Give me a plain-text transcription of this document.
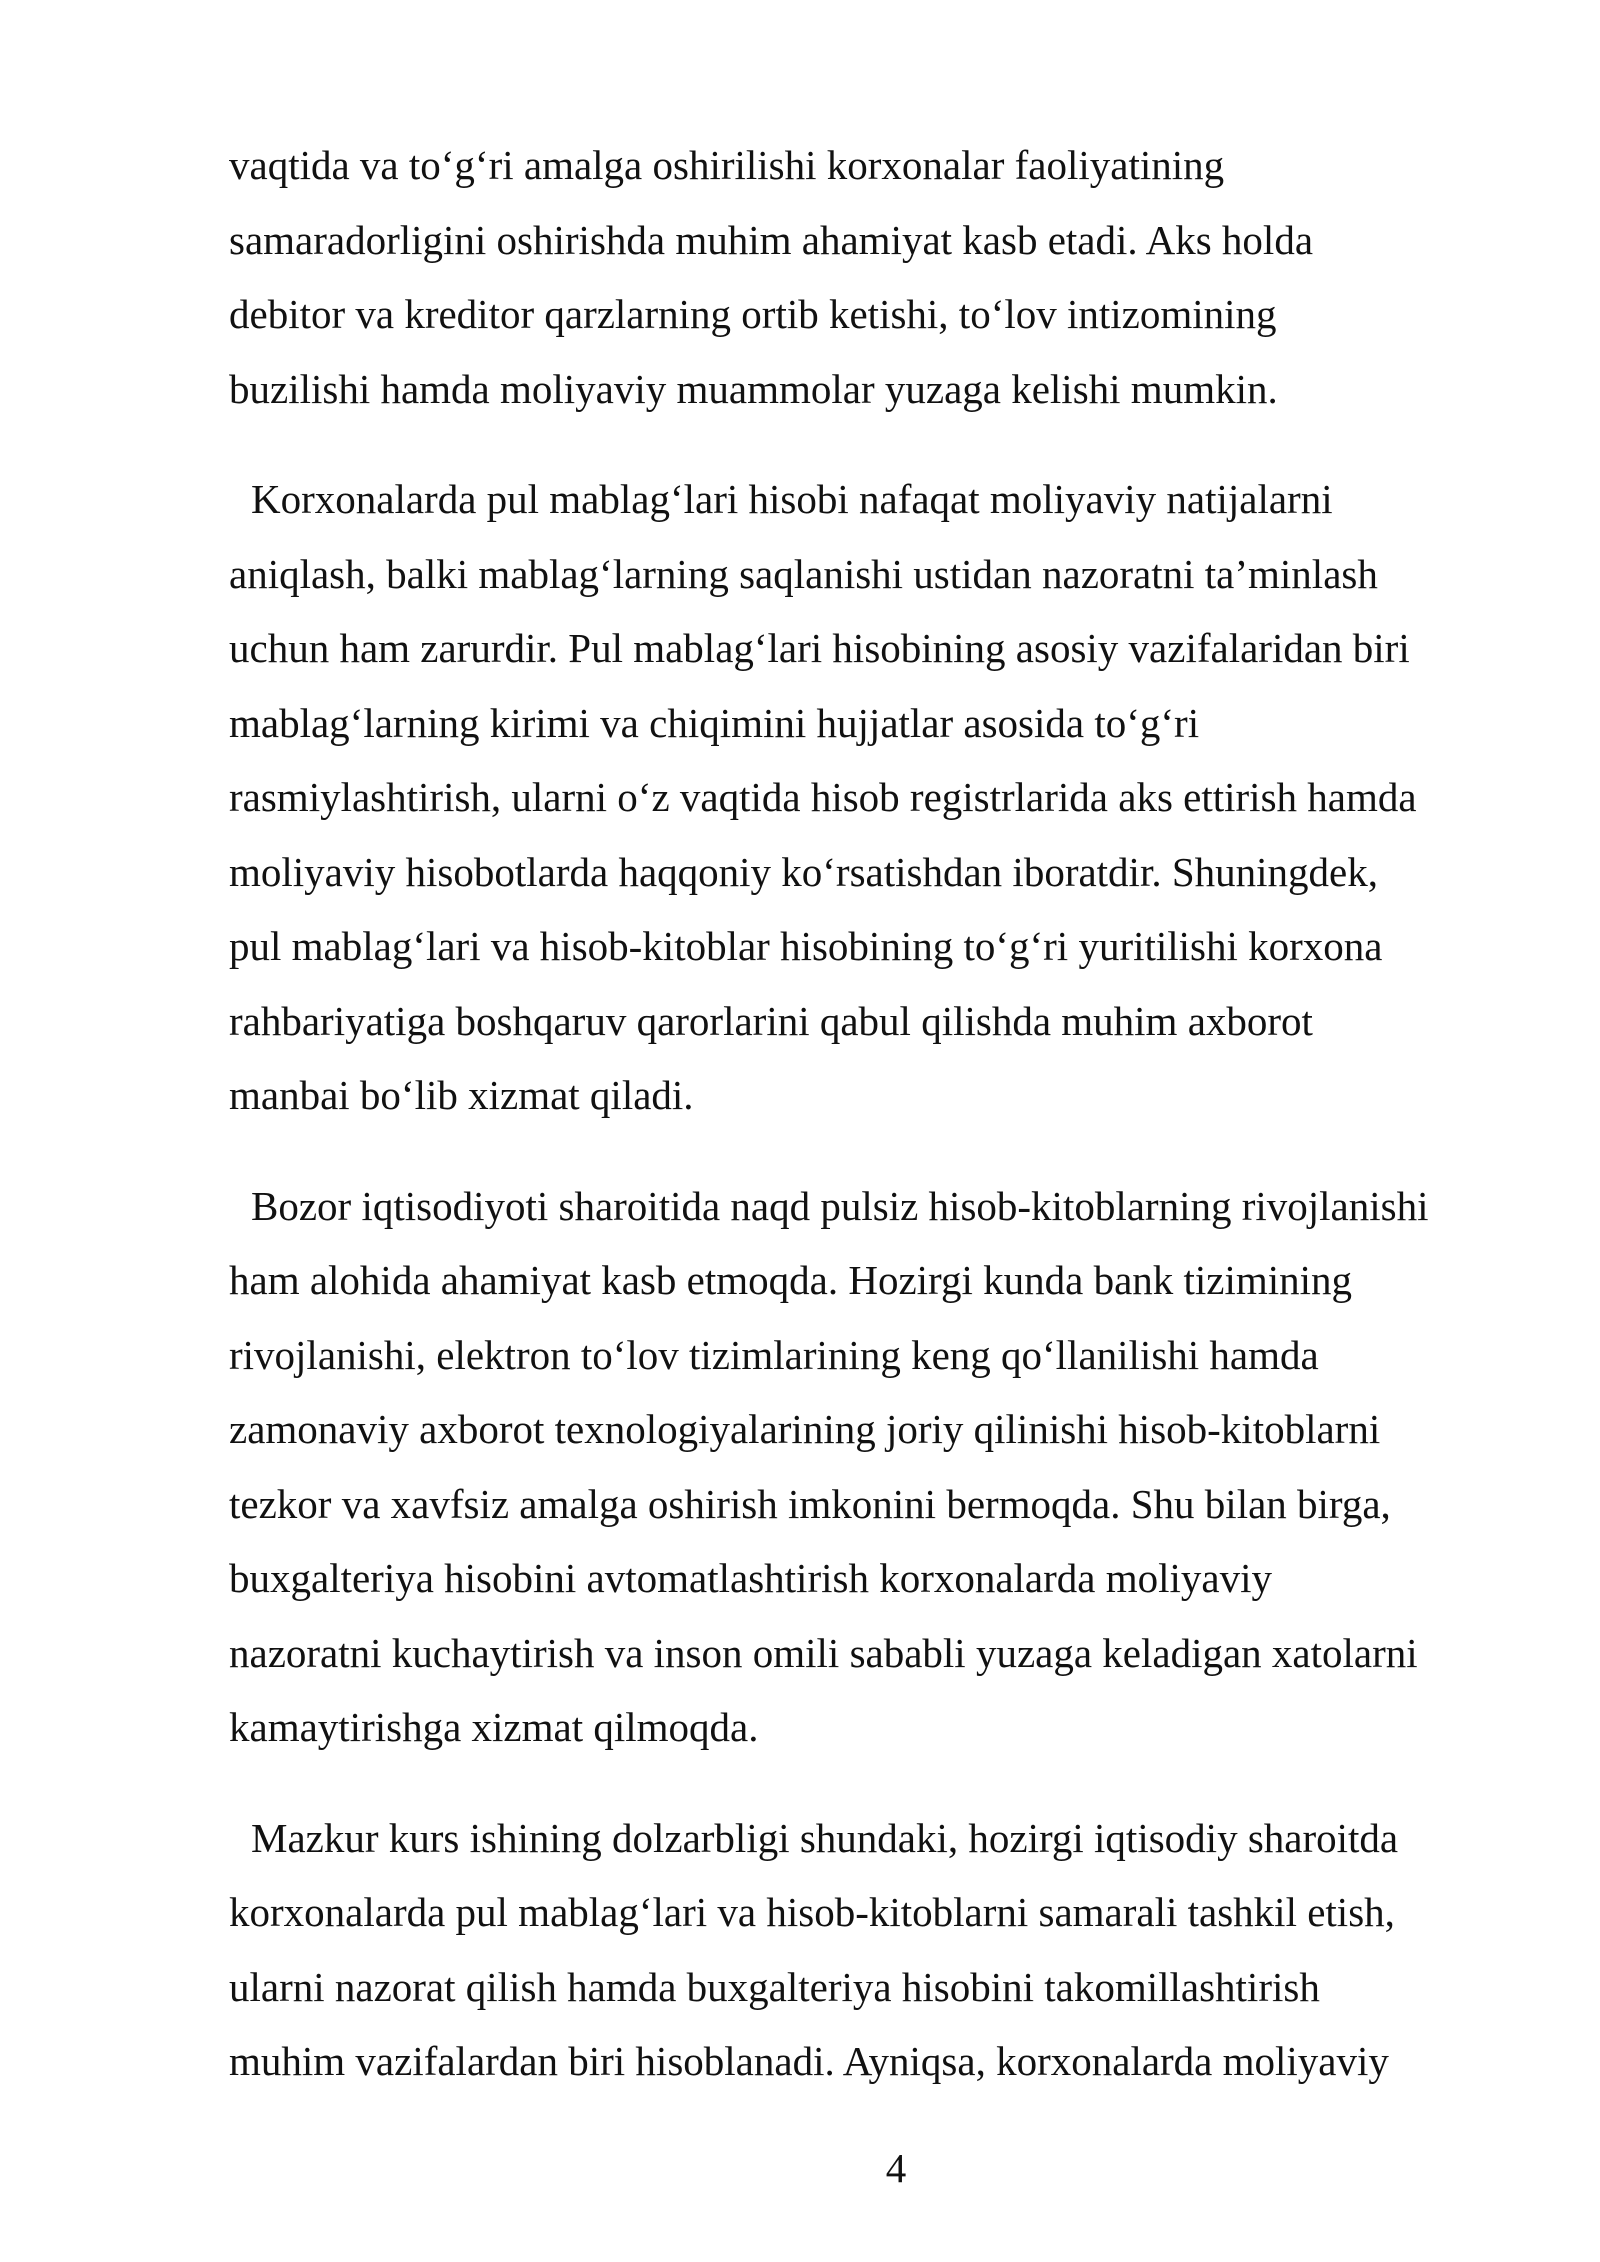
vaqtida va to‘g‘ri amalga oshirilishi korxonalar faoliyatining
samaradorligini oshirishda muhim ahamiyat kasb etadi. Aks holda
debitor va kreditor qarzlarning ortib ketishi, to‘lov intizomining
buzilishi hamda moliyaviy muammolar yuzaga kelishi mumkin.

Korxonalarda pul mablag‘lari hisobi nafaqat moliyaviy natijalarni
aniqlash, balki mablag‘larning saqlanishi ustidan nazoratni ta’minlash
uchun ham zarurdir. Pul mablag‘lari hisobining asosiy vazifalaridan biri
mablag‘larning kirimi va chiqimini hujjatlar asosida to‘g‘ri
rasmiylashtirish, ularni o‘z vaqtida hisob registrlarida aks ettirish hamda
moliyaviy hisobotlarda haqqoniy ko‘rsatishdan iboratdir. Shuningdek,
pul mablag‘lari va hisob-kitoblar hisobining to‘g‘ri yuritilishi korxona
rahbariyatiga boshqaruv qarorlarini qabul qilishda muhim axborot
manbai bo‘lib xizmat qiladi.

Bozor iqtisodiyoti sharoitida naqd pulsiz hisob-kitoblarning rivojlanishi
ham alohida ahamiyat kasb etmoqda. Hozirgi kunda bank tizimining
rivojlanishi, elektron to‘lov tizimlarining keng qo‘llanilishi hamda
zamonaviy axborot texnologiyalarining joriy qilinishi hisob-kitoblarni
tezkor va xavfsiz amalga oshirish imkonini bermoqda. Shu bilan birga,
buxgalteriya hisobini avtomatlashtirish korxonalarda moliyaviy
nazoratni kuchaytirish va inson omili sababli yuzaga keladigan xatolarni
kamaytirishga xizmat qilmoqda.

Mazkur kurs ishining dolzarbligi shundaki, hozirgi iqtisodiy sharoitda
korxonalarda pul mablag‘lari va hisob-kitoblarni samarali tashkil etish,
ularni nazorat qilish hamda buxgalteriya hisobini takomillashtirish
muhim vazifalardan biri hisoblanadi. Ayniqsa, korxonalarda moliyaviy

4
